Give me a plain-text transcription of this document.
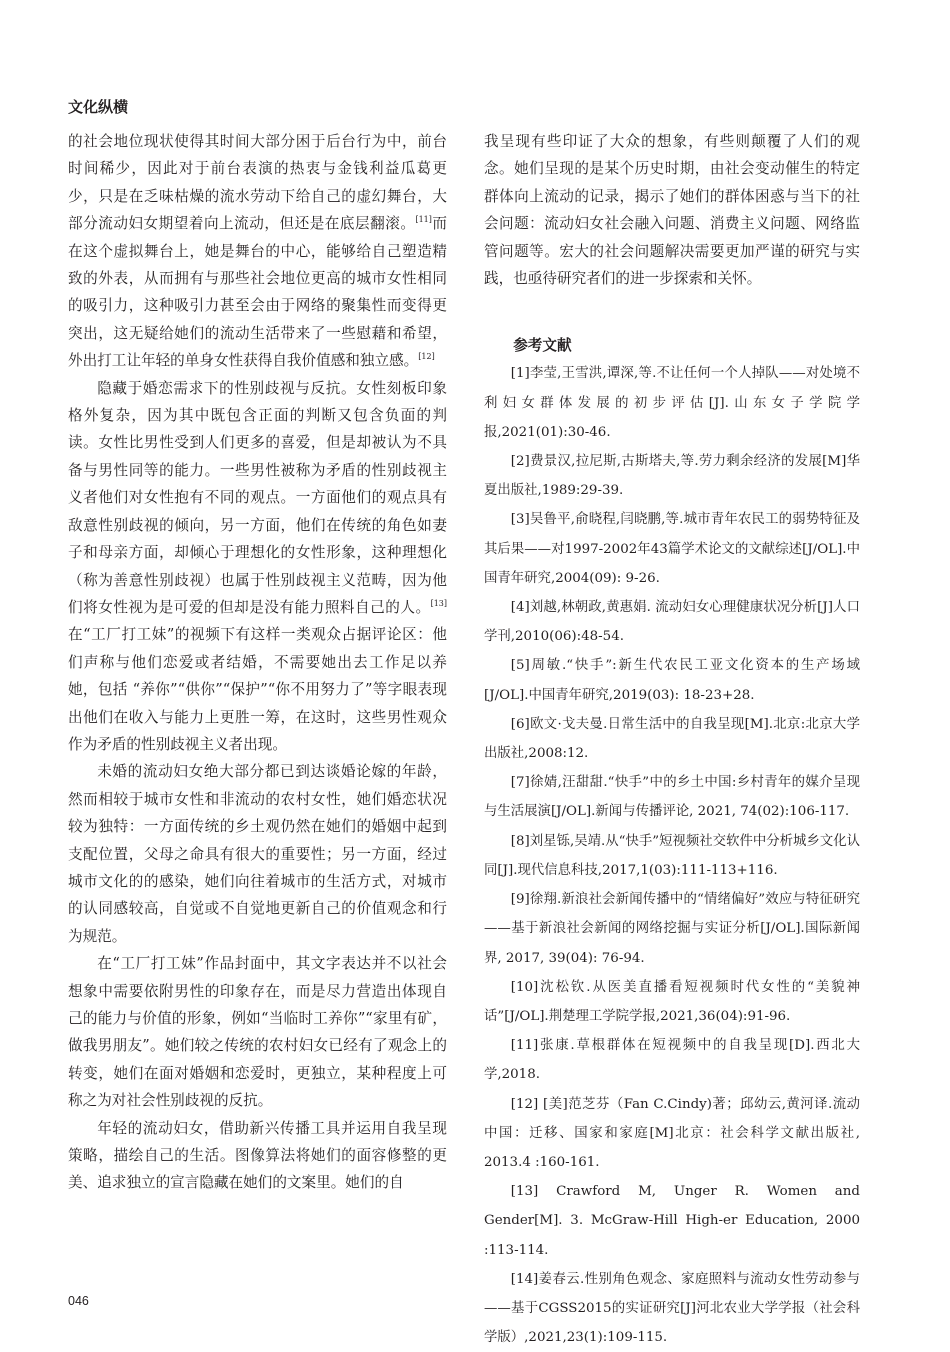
文化纵横

的社会地位现状使得其时间大部分困于后台行为中，前台时间稀少，因此对于前台表演的热衷与金钱利益瓜葛更少，只是在乏味枯燥的流水劳动下给自己的虚幻舞台，大部分流动妇女期望着向上流动，但还是在底层翻滚。[11]而在这个虚拟舞台上，她是舞台的中心，能够给自己塑造精致的外表，从而拥有与那些社会地位更高的城市女性相同的吸引力，这种吸引力甚至会由于网络的聚集性而变得更突出，这无疑给她们的流动生活带来了一些慰藉和希望，外出打工让年轻的单身女性获得自我价值感和独立感。[12]

隐藏于婚恋需求下的性别歧视与反抗。女性刻板印象格外复杂，因为其中既包含正面的判断又包含负面的判读。女性比男性受到人们更多的喜爱，但是却被认为不具备与男性同等的能力。一些男性被称为矛盾的性别歧视主义者他们对女性抱有不同的观点。一方面他们的观点具有敌意性别歧视的倾向，另一方面，他们在传统的角色如妻子和母亲方面，却倾心于理想化的女性形象，这种理想化（称为善意性别歧视）也属于性别歧视主义范畴，因为他们将女性视为是可爱的但却是没有能力照料自己的人。[13]在“工厂打工妹”的视频下有这样一类观众占据评论区：他们声称与他们恋爱或者结婚，不需要她出去工作足以养她，包括 “养你”“供你”“保护”“你不用努力了”等字眼表现出他们在收入与能力上更胜一筹，在这时，这些男性观众作为矛盾的性别歧视主义者出现。

未婚的流动妇女绝大部分都已到达谈婚论嫁的年龄，然而相较于城市女性和非流动的农村女性，她们婚恋状况较为独特：一方面传统的乡土观仍然在她们的婚姻中起到支配位置，父母之命具有很大的重要性；另一方面，经过城市文化的的感染，她们向往着城市的生活方式，对城市的认同感较高，自觉或不自觉地更新自己的价值观念和行为规范。

在“工厂打工妹”作品封面中，其文字表达并不以社会想象中需要依附男性的印象存在，而是尽力营造出体现自己的能力与价值的形象，例如“当临时工养你”“家里有矿，做我男朋友”。她们较之传统的农村妇女已经有了观念上的转变，她们在面对婚姻和恋爱时，更独立，某种程度上可称之为对社会性别歧视的反抗。

年轻的流动妇女，借助新兴传播工具并运用自我呈现策略，描绘自己的生活。图像算法将她们的面容修整的更美、追求独立的宣言隐藏在她们的文案里。她们的自

我呈现有些印证了大众的想象，有些则颠覆了人们的观念。她们呈现的是某个历史时期，由社会变动催生的特定群体向上流动的记录，揭示了她们的群体困惑与当下的社会问题：流动妇女社会融入问题、消费主义问题、网络监管问题等。宏大的社会问题解决需要更加严谨的研究与实践，也亟待研究者们的进一步探索和关怀。

参考文献

[1]李莹,王雪洪,谭深,等.不让任何一个人掉队——对处境不利妇女群体发展的初步评估[J].山东女子学院学报,2021(01):30-46.

[2]费景汉,拉尼斯,古斯塔夫,等.劳力剩余经济的发展[M]华夏出版社,1989:29-39.

[3]吴鲁平,俞晓程,闫晓鹏,等.城市青年农民工的弱势特征及其后果——对1997-2002年43篇学术论文的文献综述[J/OL].中国青年研究,2004(09): 9-26.

[4]刘越,林朝政,黄惠娟. 流动妇女心理健康状况分析[J]人口学刊,2010(06):48-54.

[5]周敏.“快手”:新生代农民工亚文化资本的生产场域[J/OL].中国青年研究,2019(03): 18-23+28.

[6]欧文·戈夫曼.日常生活中的自我呈现[M].北京:北京大学出版社,2008:12.

[7]徐婧,汪甜甜.“快手”中的乡土中国:乡村青年的媒介呈现与生活展演[J/OL].新闻与传播评论, 2021, 74(02):106-117.

[8]刘星铄,吴靖.从“快手”短视频社交软件中分析城乡文化认同[J].现代信息科技,2017,1(03):111-113+116.

[9]徐翔.新浪社会新闻传播中的“情绪偏好”效应与特征研究——基于新浪社会新闻的网络挖掘与实证分析[J/OL].国际新闻界, 2017, 39(04): 76-94.

[10]沈松钦.从医美直播看短视频时代女性的“美貌神话”[J/OL].荆楚理工学院学报,2021,36(04):91-96.

[11]张康.草根群体在短视频中的自我呈现[D].西北大学,2018.

[12] [美]范芝芬（Fan C.Cindy)著；邱幼云,黄河译.流动中国：迁移、国家和家庭[M]北京：社会科学文献出版社, 2013.4 :160-161.

[13] Crawford M, Unger R. Women and Gender[M]. 3. McGraw-Hill High-er Education, 2000 :113-114.

[14]姜春云.性别角色观念、家庭照料与流动女性劳动参与——基于CGSS2015的实证研究[J]河北农业大学学报（社会科学版）,2021,23(1):109-115.

046
